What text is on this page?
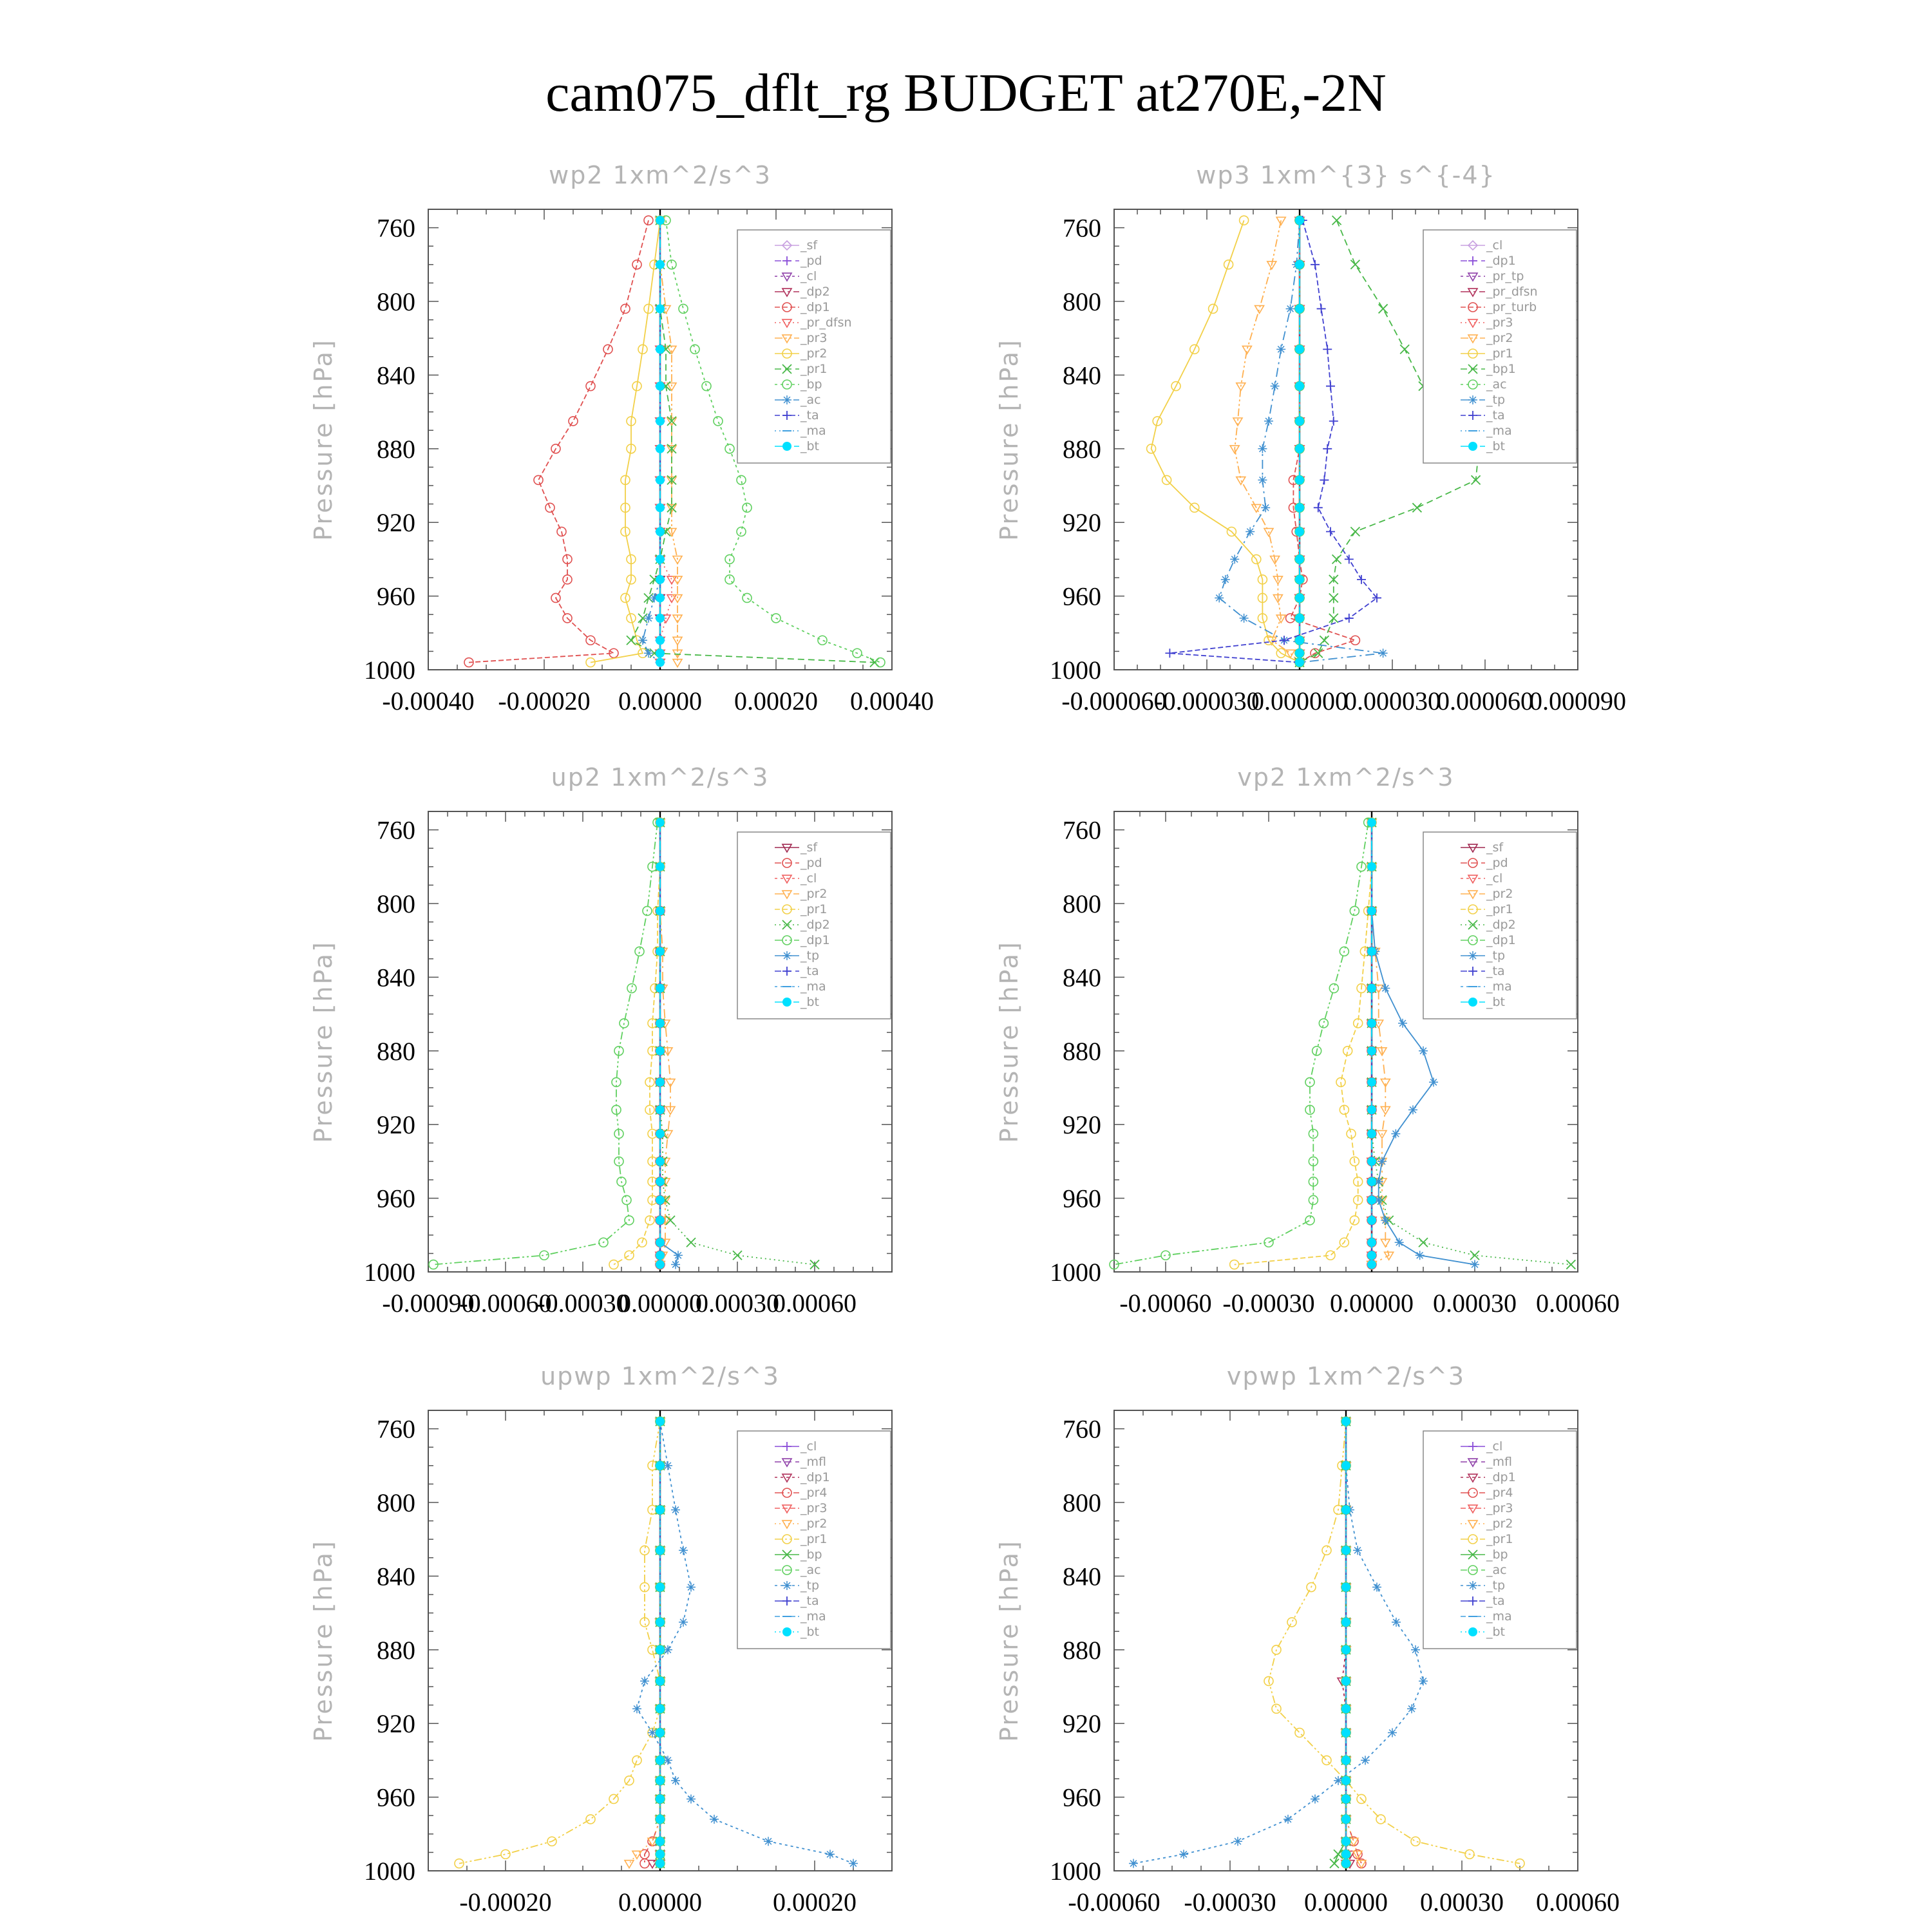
cam075_dflt_rg BUDGET at270E,-2N
wp2 1xm^2/s^3
Pressure [hPa]
760
800
840
880
920
960
1000
-0.00040 -0.00020 0.00000 0.00020 0.00040
_sf
_pd
_cl
_dp2
_dp1
_pr_dfsn
_pr3
_pr2
_pr1
_bp
_ac
_ta
_ma
_bt
wp3 1xm^{3} s^{-4}
Pressure [hPa]
760
800
840
880
920
960
1000
-0.000060
-0.000030
0.000000
0.000030
0.000060
0.000090
_cl
_dp1
_pr_tp
_pr_dfsn
_pr_turb
_pr3
_pr2
_pr1
_bp1
_ac
_tp
_ta
_ma
_bt
up2 1xm^2/s^3
Pressure [hPa]
760
800
840
880
920
960
1000
-0.00090
-0.00060
-0.00030
0.00000
0.00030
0.00060
_sf
_pd
_cl
_pr2
_pr1
_dp2
_dp1
_tp
_ta
_ma
_bt
vp2 1xm^2/s^3
Pressure [hPa]
760
800
840
880
920
960
1000
-0.00060 -0.00030 0.00000 0.00030 0.00060
_sf
_pd
_cl
_pr2
_pr1
_dp2
_dp1
_tp
_ta
_ma
_bt
upwp 1xm^2/s^3
Pressure [hPa]
760
800
840
880
920
960
1000
-0.00020	0.00000	0.00020
_cl
_mfl
_dp1
_pr4
_pr3
_pr2
_pr1
_bp
_ac
_tp
_ta
_ma
_bt
vpwp 1xm^2/s^3
Pressure [hPa]
760
800
840
880
920
960
1000
-0.00060 -0.00030 0.00000 0.00030 0.00060
_cl
_mfl
_dp1
_pr4
_pr3
_pr2
_pr1
_bp
_ac
_tp
_ta
_ma
_bt
